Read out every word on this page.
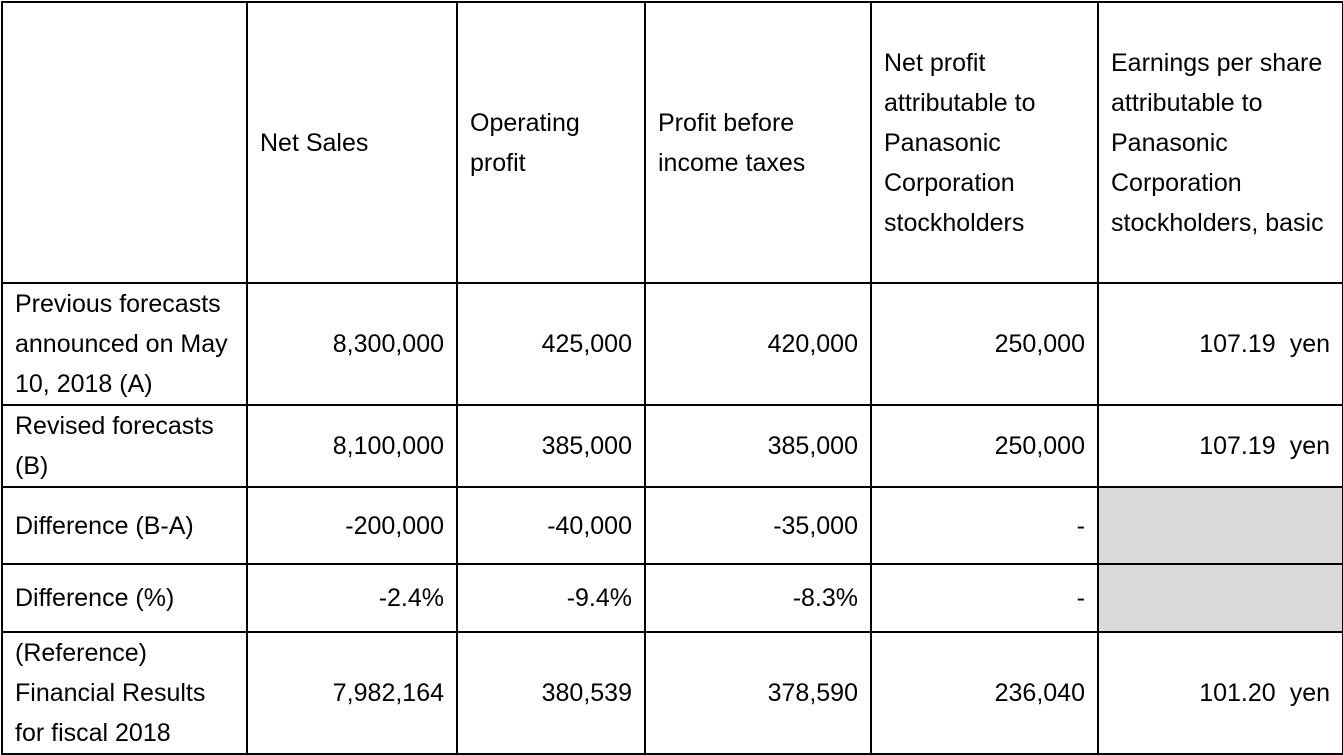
	Net Sales	Operating profit	Profit before income taxes	Net profit attributable to Panasonic Corporation stockholders	Earnings per share attributable to Panasonic Corporation stockholders, basic
Previous forecasts announced on May 10, 2018 (A)	8,300,000	425,000	420,000	250,000	107.19 yen
Revised forecasts (B)	8,100,000	385,000	385,000	250,000	107.19 yen
Difference (B-A)	-200,000	-40,000	-35,000	-	
Difference (%)	-2.4%	-9.4%	-8.3%	-	
(Reference) Financial Results for fiscal 2018	7,982,164	380,539	378,590	236,040	101.20 yen
